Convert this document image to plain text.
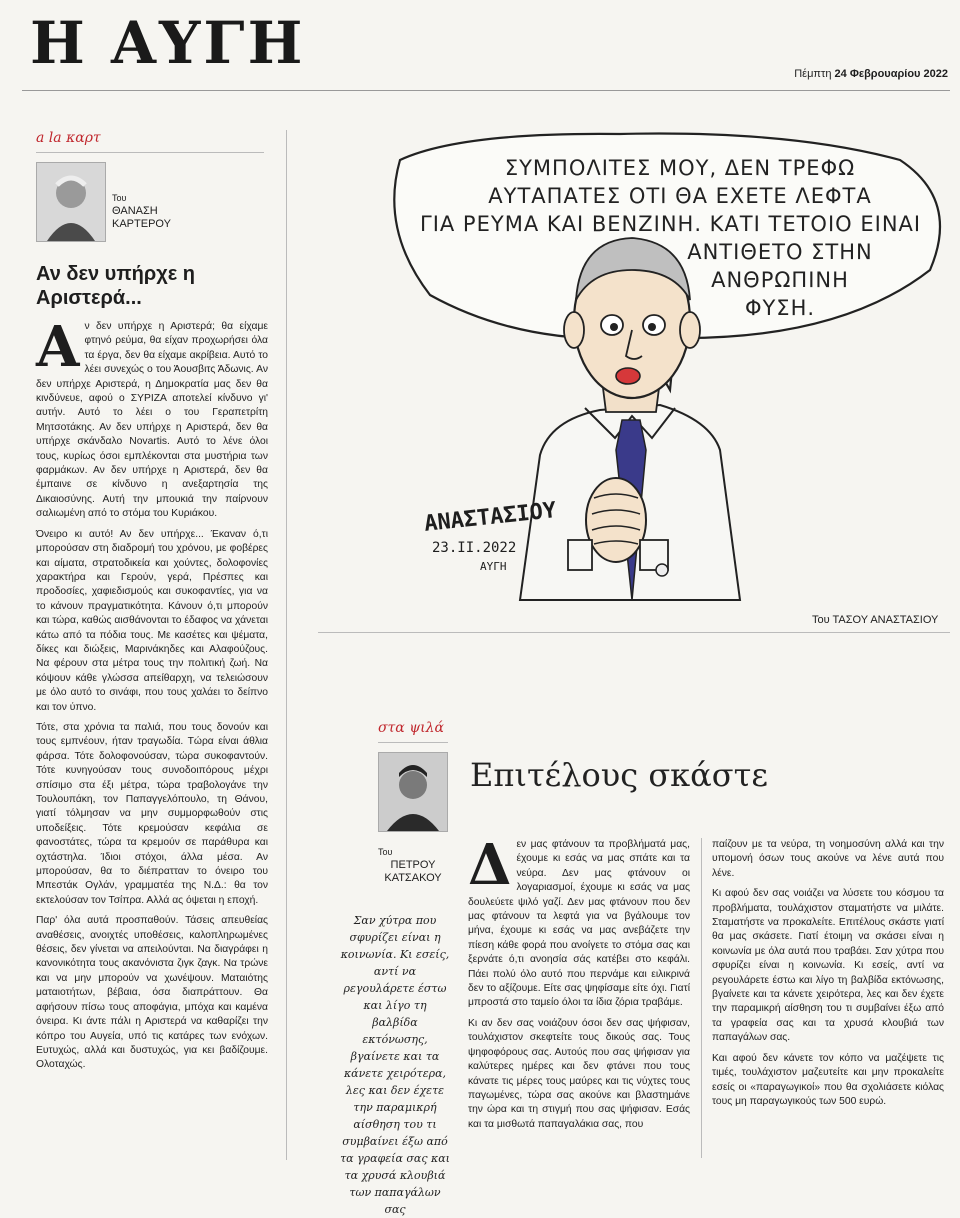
Η ΑΥΓΗ	Πέμπτη 24 Φεβρουαρίου 2022
a la καρτ
Του
ΘΑΝΑΣΗ ΚΑΡΤΕΡΟΥ
Αν δεν υπήρχε η Αριστερά...

Αν δεν υπήρχε η Αριστερά; θα είχαμε φτηνό ρεύμα, θα είχαν προχωρήσει όλα τα έργα, δεν θα είχαμε ακρίβεια. Αυτό το λέει συνεχώς ο του Άουσβιτς Άδωνις. Αν δεν υπήρχε Αριστερά, η Δημοκρατία μας δεν θα κινδύνευε, αφού ο ΣΥΡΙΖΑ αποτελεί κίνδυνο γι' αυτήν. Αυτό το λέει ο του Γεραπετρίτη Μητσοτάκης. Αν δεν υπήρχε η Αριστερά, δεν θα υπήρχε σκάνδαλο Novartis. Αυτό το λένε όλοι τους, κυρίως όσοι εμπλέκονται στα μυστήρια των φαρμάκων. Αν δεν υπήρχε η Αριστερά, δεν θα έμπαινε σε κίνδυνο η ανεξαρτησία της Δικαιοσύνης. Αυτή την μπουκιά την παίρνουν σαλιωμένη από το στόμα του Κυριάκου.

Όνειρο κι αυτό! Αν δεν υπήρχε... Έκαναν ό,τι μπορούσαν στη διαδρομή του χρόνου, με φοβέρες και αίματα, στρατοδικεία και χούντες, δολοφονίες χαρακτήρα και Γερούν, γερά, Πρέσπες και προδοσίες, χαφιεδισμούς και συκοφαντίες, για να το κάνουν πραγματικότητα. Κάνουν ό,τι μπορούν και τώρα, καθώς αισθάνονται το έδαφος να χάνεται κάτω από τα πόδια τους. Με κασέτες και ψέματα, δίκες και διώξεις, Μαρινάκηδες και Αλαφούζους. Να φέρουν στα μέτρα τους την πολιτική ζωή. Να κόψουν κάθε γλώσσα απείθαρχη, να τελειώσουν με όλο αυτό το σινάφι, που τους χαλάει το δείπνο και τον ύπνο.

Τότε, στα χρόνια τα παλιά, που τους δονούν και τους εμπνέουν, ήταν τραγωδία. Τώρα είναι άθλια φάρσα. Τότε δολοφονούσαν, τώρα συκοφαντούν. Τότε κυνηγούσαν τους συνοδοιπόρους μέχρι σπίσιμο στα έξι μέτρα, τώρα τραβολογάνε την Τουλουπάκη, τον Παπαγγελόπουλο, τη Θάνου, γιατί τόλμησαν να μην συμμορφωθούν στις υποδείξεις. Τότε κρεμούσαν κεφάλια σε φανοστάτες, τώρα τα κρεμούν σε παράθυρα και οχτάστηλα. Ίδιοι στόχοι, άλλα μέσα. Αν μπορούσαν, θα το διέπρατταν το όνειρο του Μπεστάκ Ογλάν, γραμματέα της Ν.Δ.: θα τον εκτελούσαν τον Τσίπρα. Αλλά ας όψεται η εποχή.

Παρ' όλα αυτά προσπαθούν. Τάσεις απευθείας αναθέσεις, ανοιχτές υποθέσεις, καλοπληρωμένες θέσεις, δεν γίνεται να απειλούνται. Να διαγράφει η κανονικότητα τους ακανόνιστα ζιγκ ζαγκ. Να τρώνε και να μην μπορούν να χωνέψουν. Ματαιότης ματαιοτήτων, βέβαια, όσα διαπράττουν. Θα αφήσουν πίσω τους αποφάγια, μπόχα και καμένα όνειρα. Κι άντε πάλι η Αριστερά να καθαρίζει την κόπρο του Αυγεία, υπό τις κατάρες των ενόχων. Ευτυχώς, αλλά και δυστυχώς, για κει βαδίζουμε. Ολοταχώς.

ΣΥΜΠΟΛΙΤΕΣ ΜΟΥ, ΔΕΝ ΤΡΕΦΩ
ΑΥΤΑΠΑΤΕΣ ΟΤΙ ΘΑ ΕΧΕΤΕ ΛΕΦΤΑ
ΓΙΑ ΡΕΥΜΑ ΚΑΙ ΒΕΝΖΙΝΗ. ΚΑΤΙ ΤΕΤΟΙΟ ΕΙΝΑΙ
ΑΝΤΙΘΕΤΟ ΣΤΗΝ
ΑΝΘΡΩΠΙΝΗ
ΦΥΣΗ.
ΑΝΑΣΤΑΣΙΟΥ
23.II.2022
ΑΥΓΗ
Του ΤΑΣΟΥ ΑΝΑΣΤΑΣΙΟΥ
στα ψιλά
Του
ΠΕΤΡΟΥ ΚΑΤΣΑΚΟΥ
Επιτέλους σκάστε
Σαν χύτρα που σφυρίζει είναι η κοινωνία. Κι εσείς, αντί να ρεγουλάρετε έστω και λίγο τη βαλβίδα εκτόνωσης, βγαίνετε και τα κάνετε χειρότερα, λες και δεν έχετε την παραμικρή αίσθηση του τι συμβαίνει έξω από τα γραφεία σας και τα χρυσά κλουβιά των παπαγάλων σας

Δεν μας φτάνουν τα προβλήματά μας, έχουμε κι εσάς να μας σπάτε και τα νεύρα. Δεν μας φτάνουν οι λογαριασμοί, έχουμε κι εσάς να μας δουλεύετε ψιλό γαζί. Δεν μας φτάνουν που δεν μας φτάνουν τα λεφτά για να βγάλουμε τον μήνα, έχουμε κι εσάς να μας ανεβάζετε την πίεση κάθε φορά που ανοίγετε το στόμα σας και ξερνάτε ό,τι ανοησία σάς κατέβει στο κεφάλι. Πάει πολύ όλο αυτό που περνάμε και ειλικρινά δεν το αξίζουμε. Είτε σας ψηφίσαμε είτε όχι. Γιατί μπροστά στο ταμείο όλοι τα ίδια ζόρια τραβάμε.

Κι αν δεν σας νοιάζουν όσοι δεν σας ψήφισαν, τουλάχιστον σκεφτείτε τους δικούς σας. Τους ψηφοφόρους σας. Αυτούς που σας ψήφισαν για καλύτερες ημέρες και δεν φτάνει που τους κάνατε τις μέρες τους μαύρες και τις νύχτες τους παγωμένες, τώρα σας ακούνε και βλαστημάνε την ώρα και τη στιγμή που σας ψήφισαν. Εσάς και τα μισθωτά παπαγαλάκια σας, που

παίζουν με τα νεύρα, τη νοημοσύνη αλλά και την υπομονή όσων τους ακούνε να λένε αυτά που λένε.

Κι αφού δεν σας νοιάζει να λύσετε του κόσμου τα προβλήματα, τουλάχιστον σταματήστε να μιλάτε. Σταματήστε να προκαλείτε. Επιτέλους σκάστε γιατί θα μας σκάσετε. Γιατί έτοιμη να σκάσει είναι η κοινωνία με όλα αυτά που τραβάει. Σαν χύτρα που σφυρίζει είναι η κοινωνία. Κι εσείς, αντί να ρεγουλάρετε έστω και λίγο τη βαλβίδα εκτόνωσης, βγαίνετε και τα κάνετε χειρότερα, λες και δεν έχετε την παραμικρή αίσθηση του τι συμβαίνει έξω από τα γραφεία σας και τα χρυσά κλουβιά των παπαγάλων σας.

Και αφού δεν κάνετε τον κόπο να μαζέψετε τις τιμές, τουλάχιστον μαζευτείτε και μην προκαλείτε εσείς οι «παραγωγικοί» που θα σχολιάσετε κιόλας τους μη παραγωγικούς των 500 ευρώ.
